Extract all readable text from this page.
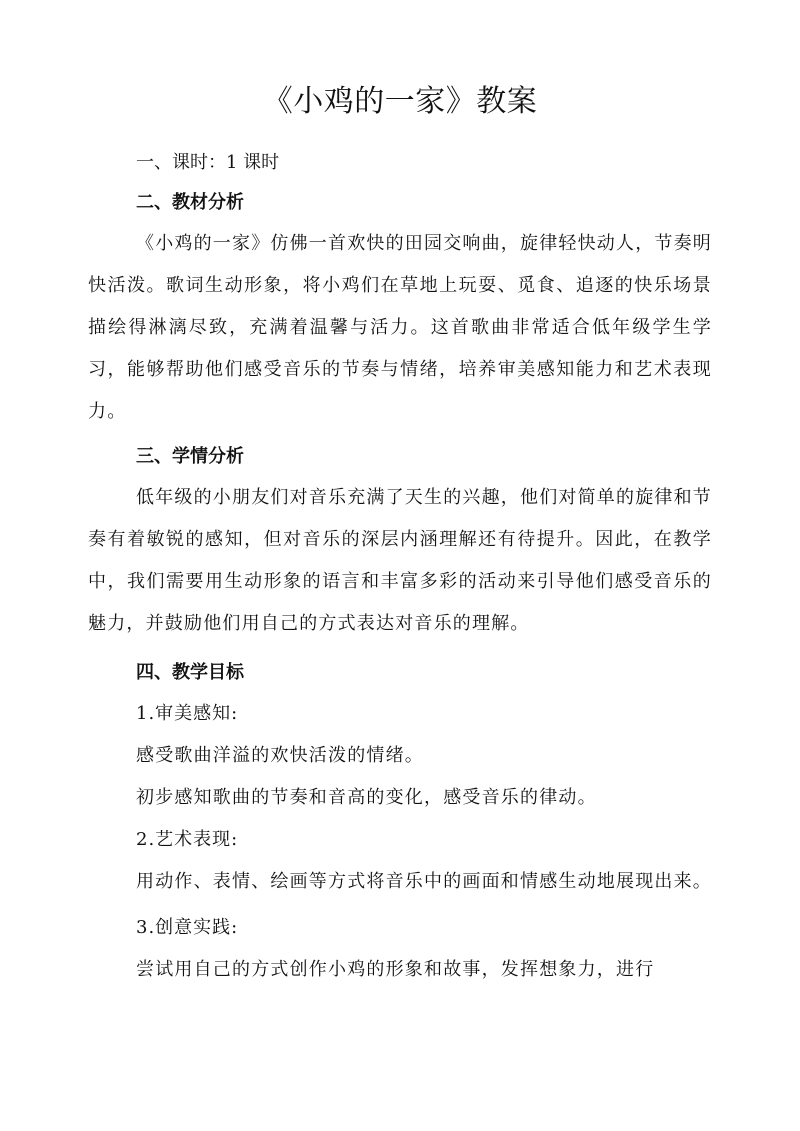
《小鸡的一家》教案

一、课时：1 课时

二、教材分析

《小鸡的一家》仿佛一首欢快的田园交响曲，旋律轻快动人，节奏明快活泼。歌词生动形象，将小鸡们在草地上玩耍、觅食、追逐的快乐场景描绘得淋漓尽致，充满着温馨与活力。这首歌曲非常适合低年级学生学习，能够帮助他们感受音乐的节奏与情绪，培养审美感知能力和艺术表现力。

三、学情分析

低年级的小朋友们对音乐充满了天生的兴趣，他们对简单的旋律和节奏有着敏锐的感知，但对音乐的深层内涵理解还有待提升。因此，在教学中，我们需要用生动形象的语言和丰富多彩的活动来引导他们感受音乐的魅力，并鼓励他们用自己的方式表达对音乐的理解。

四、教学目标

1.审美感知:

感受歌曲洋溢的欢快活泼的情绪。

初步感知歌曲的节奏和音高的变化，感受音乐的律动。

2.艺术表现:

用动作、表情、绘画等方式将音乐中的画面和情感生动地展现出来。

3.创意实践:

尝试用自己的方式创作小鸡的形象和故事，发挥想象力，进行
